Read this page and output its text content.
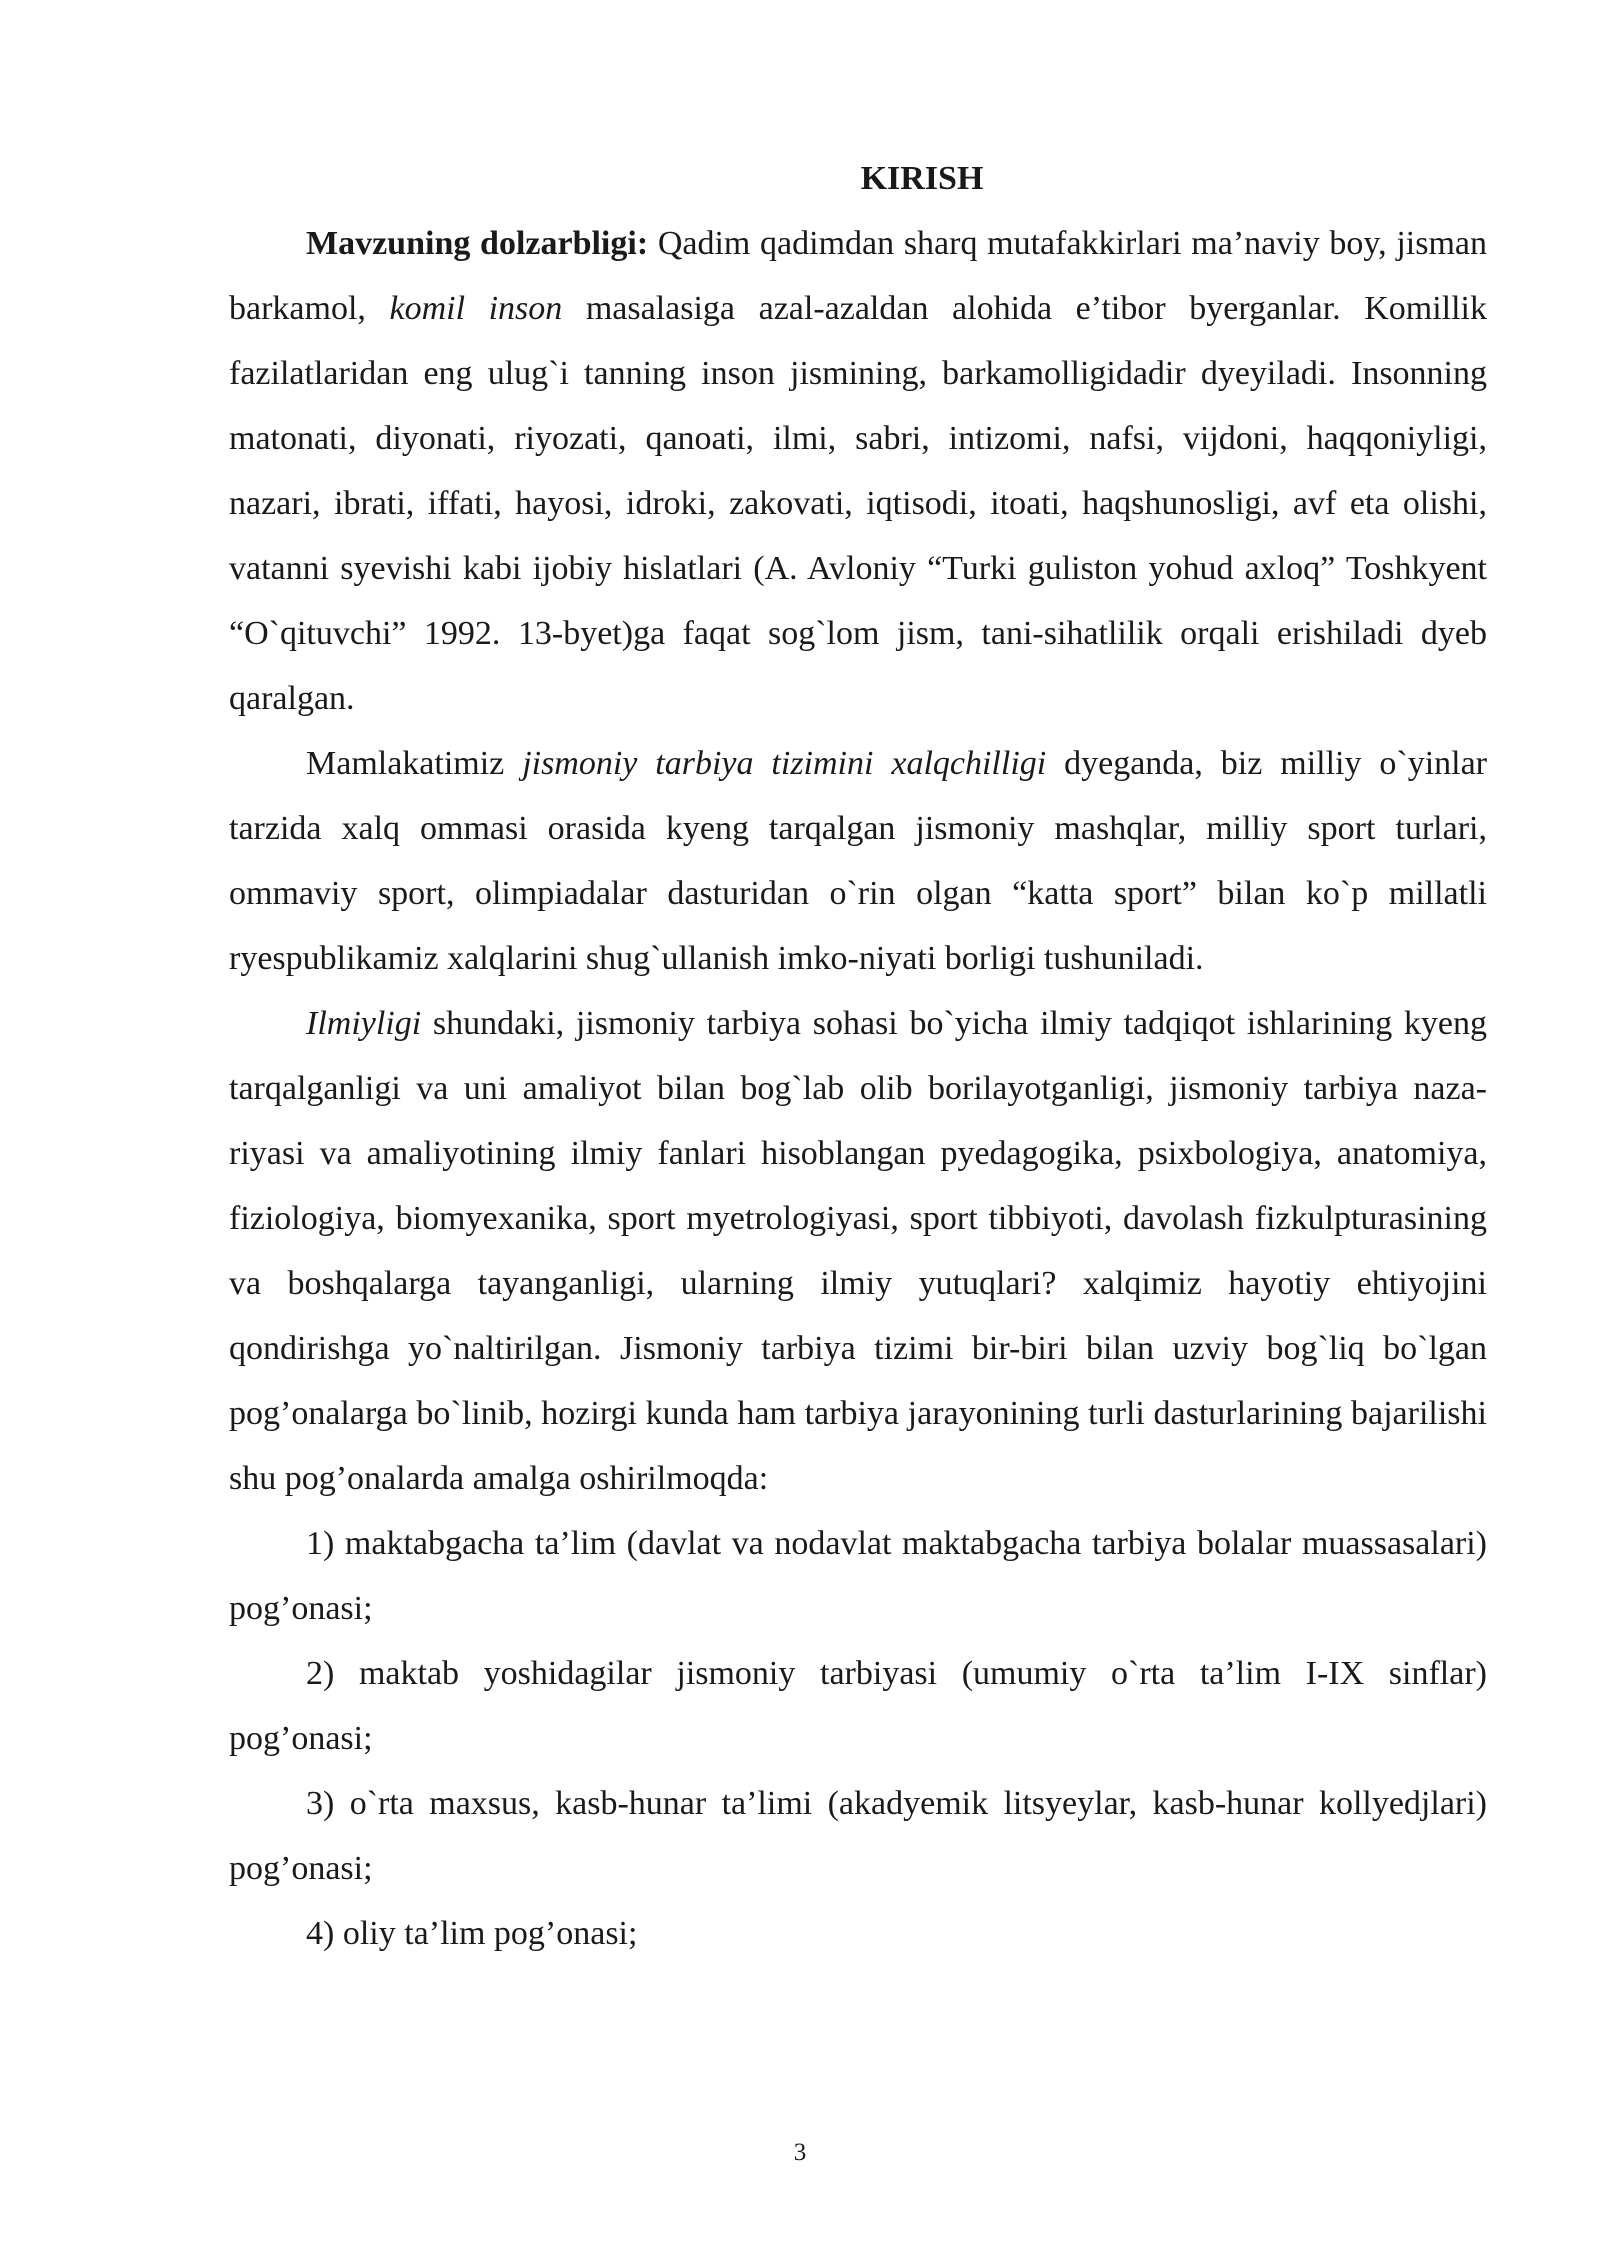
KIRISH

Mavzuning dolzarbligi: Qadim qadimdan sharq mutafakkirlari ma’naviy boy, jisman barkamol, komil inson masalasiga azal-azaldan alohida e’tibor byerganlar. Komillik fazilatlaridan eng ulug`i tanning inson jismining, barkamolligidadir dyeyiladi. Insonning matonati, diyonati, riyozati, qanoati, ilmi, sabri, intizomi, nafsi, vijdoni, haqqoniyligi, nazari, ibrati, iffati, hayosi, idroki, zakovati, iqtisodi, itoati, haqshunosligi, avf eta olishi, vatanni syevishi kabi ijobiy hislatlari (A. Avloniy “Turki guliston yohud axloq” Toshkyent “O`qituvchi” 1992. 13-byet)ga faqat sog`lom jism, tani-sihatlilik orqali erishiladi dyeb qaralgan.

Mamlakatimiz jismoniy tarbiya tizimini xalqchilligi dyeganda, biz milliy o`yinlar tarzida xalq ommasi orasida kyeng tarqalgan jismoniy mashqlar, milliy sport turlari, ommaviy sport, olimpiadalar dasturidan o`rin olgan “katta sport” bilan ko`p millatli ryespublikamiz xalqlarini shug`ullanish imko-niyati borligi tushuniladi.

Ilmiyligi shundaki, jismoniy tarbiya sohasi bo`yicha ilmiy tadqiqot ishlarining kyeng tarqalganligi va uni amaliyot bilan bog`lab olib borilayotganligi, jismoniy tarbiya naza-riyasi va amaliyotining ilmiy fanlari hisoblangan pyedagogika, psixbologiya, anatomiya, fiziologiya, biomyexanika, sport myetrologiyasi, sport tibbiyoti, davolash fizkulpturasining va boshqalarga tayanganligi, ularning ilmiy yutuqlari? xalqimiz hayotiy ehtiyojini qondirishga yo`naltirilgan. Jismoniy tarbiya tizimi bir-biri bilan uzviy bog`liq bo`lgan pog’onalarga bo`linib, hozirgi kunda ham tarbiya jarayonining turli dasturlarining bajarilishi shu pog’onalarda amalga oshirilmoqda:

1) maktabgacha ta’lim (davlat va nodavlat maktabgacha tarbiya bolalar muassasalari) pog’onasi;

2) maktab yoshidagilar jismoniy tarbiyasi (umumiy o`rta ta’lim I-IX sinflar) pog’onasi;

3) o`rta maxsus, kasb-hunar ta’limi (akadyemik litsyeylar, kasb-hunar kollyedjlari) pog’onasi;

4) oliy ta’lim pog’onasi;

3
